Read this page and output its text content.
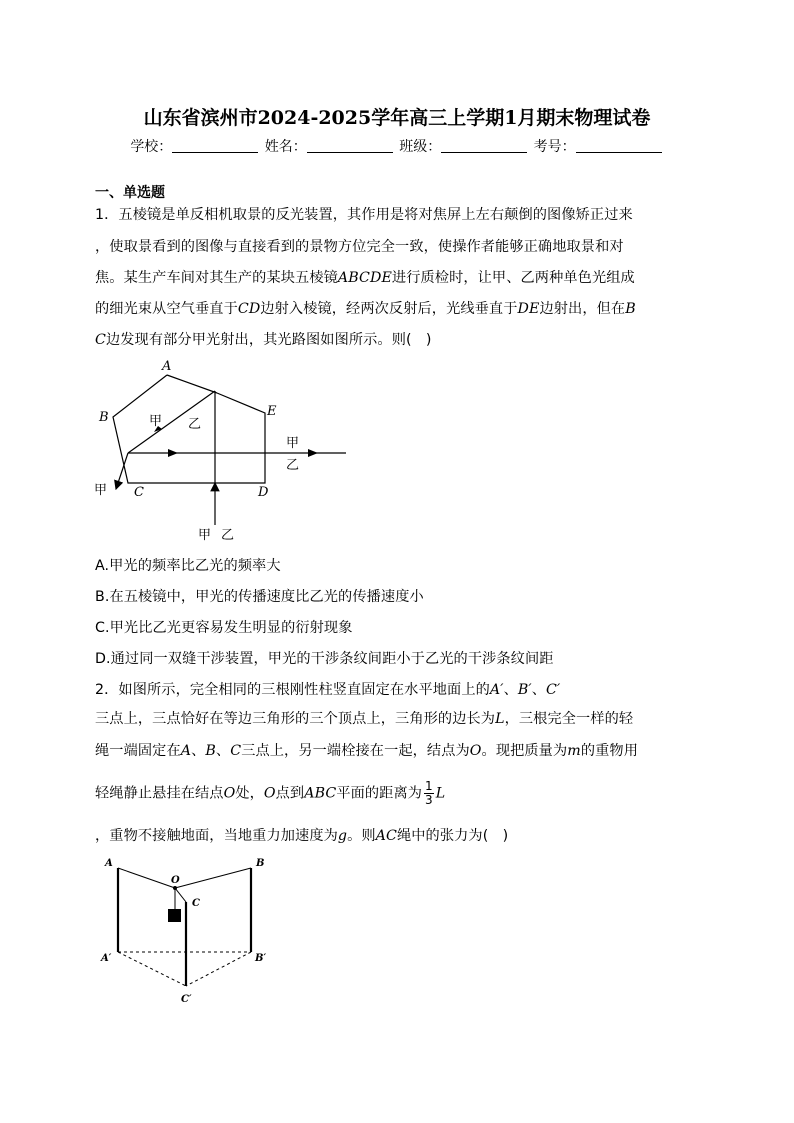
山东省滨州市2024-2025学年高三上学期1月期末物理试卷
学校：	姓名：	班级：	考号：
一、单选题
1．五棱镜是单反相机取景的反光装置，其作用是将对焦屏上左右颠倒的图像矫正过来
，使取景看到的图像与直接看到的景物方位完全一致，使操作者能够正确地取景和对
焦。某生产车间对其生产的某块五棱镜ABCDE进行质检时，让甲、乙两种单色光组成
的细光束从空气垂直于CD边射入棱镜，经两次反射后，光线垂直于DE边射出，但在B
C边发现有部分甲光射出，其光路图如图所示。则(　)
A
B
C	D
E
甲 乙
甲
乙
甲
甲 乙
A.甲光的频率比乙光的频率大
B.在五棱镜中，甲光的传播速度比乙光的传播速度小
C.甲光比乙光更容易发生明显的衍射现象
D.通过同一双缝干涉装置，甲光的干涉条纹间距小于乙光的干涉条纹间距
2．如图所示，完全相同的三根刚性柱竖直固定在水平地面上的A′、B′、C′
三点上，三点恰好在等边三角形的三个顶点上，三角形的边长为L，三根完全一样的轻
绳一端固定在A、B、C三点上，另一端栓接在一起，结点为O。现把质量为m的重物用
轻绳静止悬挂在结点O处，O点到ABC平面的距离为 $\frac{1}{3}$ L
，重物不接触地面，当地重力加速度为g。则AC绳中的张力为(　)
A	B
O
C
A′	B′
C′
